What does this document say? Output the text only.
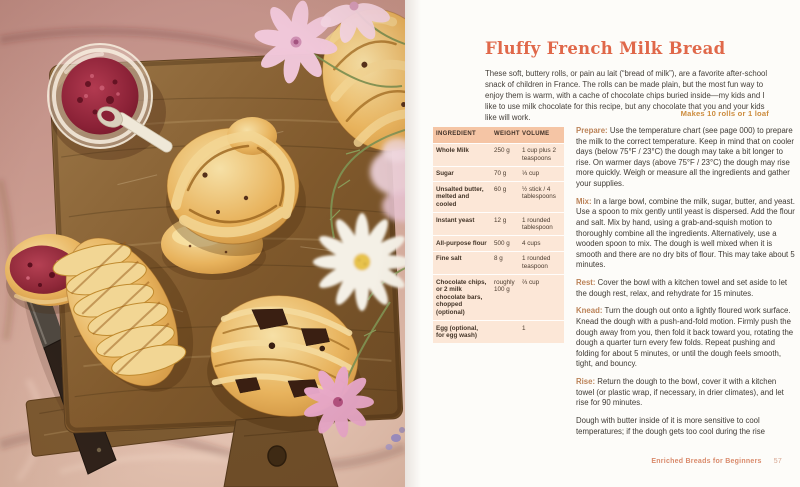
Fluffy French Milk Bread

These soft, buttery rolls, or pain au lait (“bread of milk”), are a favorite after-school snack of children in France. The rolls can be made plain, but the most fun way to enjoy them is warm, with a cache of chocolate chips buried inside—my kids and I like to use milk chocolate for this recipe, but any chocolate that you and your kids like will work.	Makes 10 rolls or 1 loaf
INGREDIENT	WEIGHT	VOLUME
Whole Milk	250 g	1 cup plus 2 teaspoons
Sugar	70 g	⅓ cup
Unsalted butter, melted and cooled	60 g	½ stick / 4 tablespoons
Instant yeast	12 g	1 rounded tablespoon
All-purpose flour	500 g	4 cups
Fine salt	8 g	1 rounded teaspoon
Chocolate chips, or 2 milk chocolate bars, chopped (optional)	roughly 100 g	⅔ cup
Egg (optional, for egg wash)		1

Prepare: Use the temperature chart (see page 000) to prepare the milk to the correct temperature. Keep in mind that on cooler days (below 75°F / 23°C) the dough may take a bit longer to rise. On warmer days (above 75°F / 23°C) the dough may rise more quickly. Weigh or measure all the ingredients and gather your supplies.

Mix: In a large bowl, combine the milk, sugar, butter, and yeast. Use a spoon to mix gently until yeast is dispersed. Add the flour and salt. Mix by hand, using a grab-and-squish motion to thoroughly combine all the ingredients. Alternatively, use a wooden spoon to mix. The dough is well mixed when it is smooth and there are no dry bits of flour. This may take about 5 minutes.

Rest: Cover the bowl with a kitchen towel and set aside to let the dough rest, relax, and rehydrate for 15 minutes.

Knead: Turn the dough out onto a lightly floured work surface. Knead the dough with a push-and-fold motion. Firmly push the dough away from you, then fold it back toward you, rotating the dough a quarter turn every few folds. Repeat pushing and folding for about 5 minutes, or until the dough feels smooth, tight, and bouncy.

Rise: Return the dough to the bowl, cover it with a kitchen towel (or plastic wrap, if necessary, in drier climates), and let rise for 90 minutes.

Dough with butter inside of it is more sensitive to cool temperatures; if the dough gets too cool during the rise

Enriched Breads for Beginners 57
